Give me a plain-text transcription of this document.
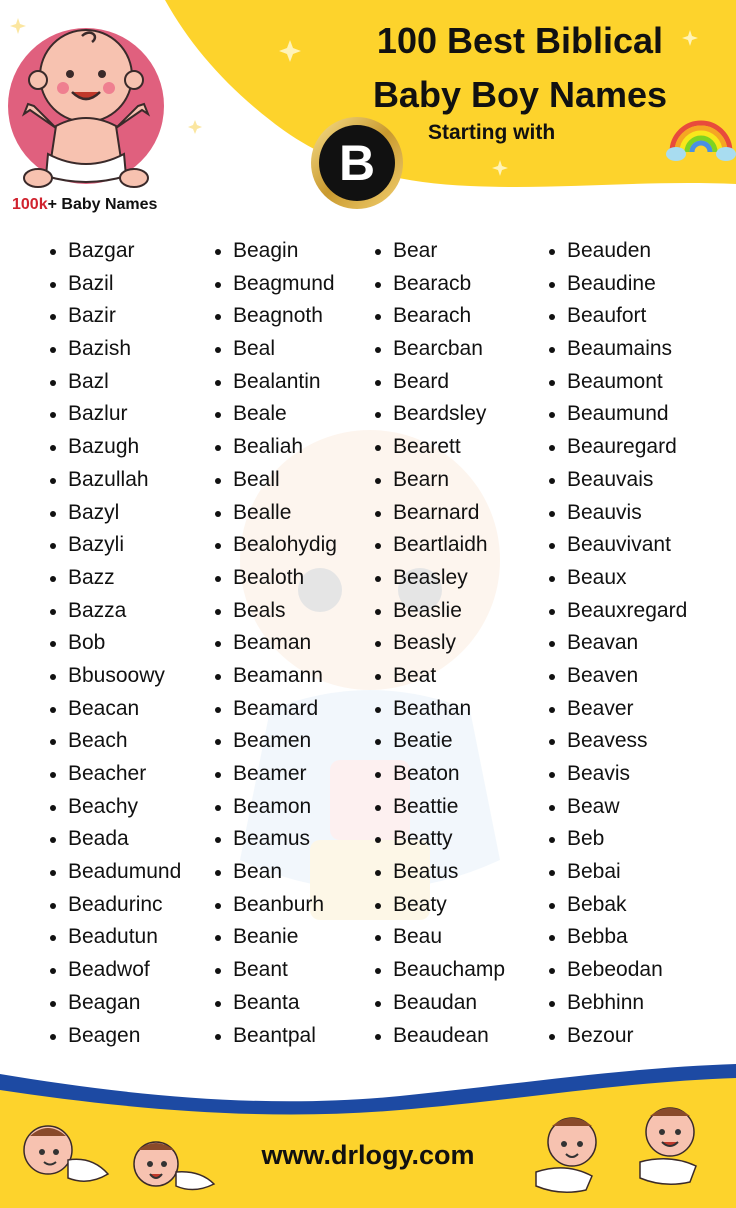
100k+ Baby Names
100 Best Biblical
Baby Boy Names
Starting with
B
Bazgar
Bazil
Bazir
Bazish
Bazl
Bazlur
Bazugh
Bazullah
Bazyl
Bazyli
Bazz
Bazza
Bob
Bbusoowy
Beacan
Beach
Beacher
Beachy
Beada
Beadumund
Beadurinc
Beadutun
Beadwof
Beagan
Beagen
Beagin
Beagmund
Beagnoth
Beal
Bealantin
Beale
Bealiah
Beall
Bealle
Bealohydig
Bealoth
Beals
Beaman
Beamann
Beamard
Beamen
Beamer
Beamon
Beamus
Bean
Beanburh
Beanie
Beant
Beanta
Beantpal
Bear
Bearacb
Bearach
Bearcban
Beard
Beardsley
Bearett
Bearn
Bearnard
Beartlaidh
Beasley
Beaslie
Beasly
Beat
Beathan
Beatie
Beaton
Beattie
Beatty
Beatus
Beaty
Beau
Beauchamp
Beaudan
Beaudean
Beauden
Beaudine
Beaufort
Beaumains
Beaumont
Beaumund
Beauregard
Beauvais
Beauvis
Beauvivant
Beaux
Beauxregard
Beavan
Beaven
Beaver
Beavess
Beavis
Beaw
Beb
Bebai
Bebak
Bebba
Bebeodan
Bebhinn
Bezour
www.drlogy.com
